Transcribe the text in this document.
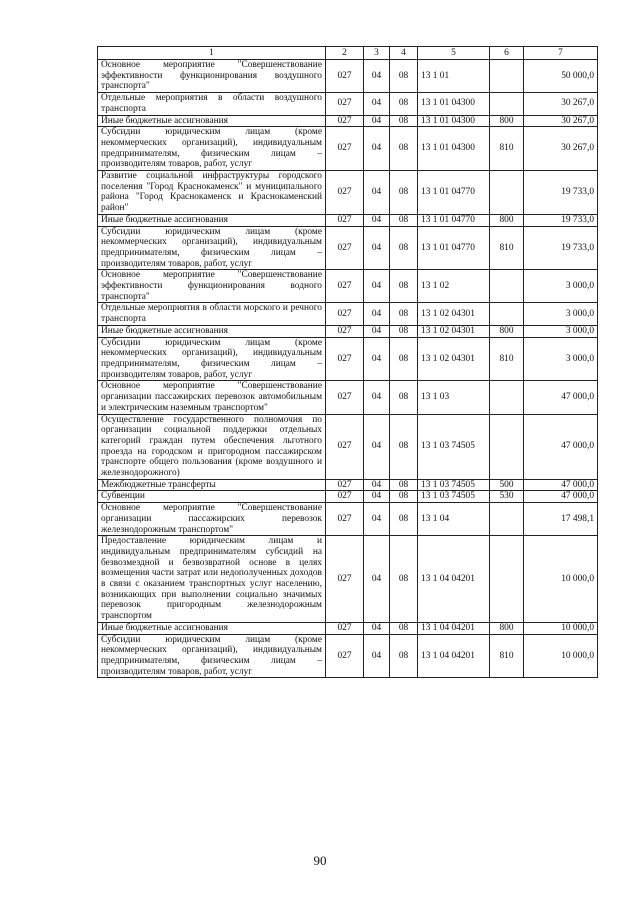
1	2	3	4	5	6	7
Основное мероприятие "Совершенствование эффективности функционирования воздушного транспорта"	027	04	08	13 1 01		50 000,0
Отдельные мероприятия в области воздушного транспорта	027	04	08	13 1 01 04300		30 267,0
Иные бюджетные ассигнования	027	04	08	13 1 01 04300	800	30 267,0
Субсидии юридическим лицам (кроме некоммерческих организаций), индивидуальным предпринимателям, физическим лицам – производителям товаров, работ, услуг	027	04	08	13 1 01 04300	810	30 267,0
Развитие социальной инфраструктуры городского поселения "Город Краснокаменск" и муниципального района "Город Краснокаменск и Краснокаменский район"	027	04	08	13 1 01 04770		19 733,0
Иные бюджетные ассигнования	027	04	08	13 1 01 04770	800	19 733,0
Субсидии юридическим лицам (кроме некоммерческих организаций), индивидуальным предпринимателям, физическим лицам – производителям товаров, работ, услуг	027	04	08	13 1 01 04770	810	19 733,0
Основное мероприятие "Совершенствование эффективности функционирования водного транспорта"	027	04	08	13 1 02		3 000,0
Отдельные мероприятия в области морского и речного транспорта	027	04	08	13 1 02 04301		3 000,0
Иные бюджетные ассигнования	027	04	08	13 1 02 04301	800	3 000,0
Субсидии юридическим лицам (кроме некоммерческих организаций), индивидуальным предпринимателям, физическим лицам – производителям товаров, работ, услуг	027	04	08	13 1 02 04301	810	3 000,0
Основное мероприятие "Совершенствование организации пассажирских перевозок автомобильным и электрическим наземным транспортом"	027	04	08	13 1 03		47 000,0
Осуществление государственного полномочия по организации социальной поддержки отдельных категорий граждан путем обеспечения льготного проезда на городском и пригородном пассажирском транспорте общего пользования (кроме воздушного и железнодорожного)	027	04	08	13 1 03 74505		47 000,0
Межбюджетные трансферты	027	04	08	13 1 03 74505	500	47 000,0
Субвенции	027	04	08	13 1 03 74505	530	47 000,0
Основное мероприятие "Совершенствование организации пассажирских перевозок железнодорожным транспортом"	027	04	08	13 1 04		17 498,1
Предоставление юридическим лицам и индивидуальным предпринимателям субсидий на безвозмездной и безвозвратной основе в целях возмещения части затрат или недополученных доходов в связи с оказанием транспортных услуг населению, возникающих при выполнении социально значимых перевозок пригородным железнодорожным транспортом	027	04	08	13 1 04 04201		10 000,0
Иные бюджетные ассигнования	027	04	08	13 1 04 04201	800	10 000,0
Субсидии юридическим лицам (кроме некоммерческих организаций), индивидуальным предпринимателям, физическим лицам – производителям товаров, работ, услуг	027	04	08	13 1 04 04201	810	10 000,0
90
